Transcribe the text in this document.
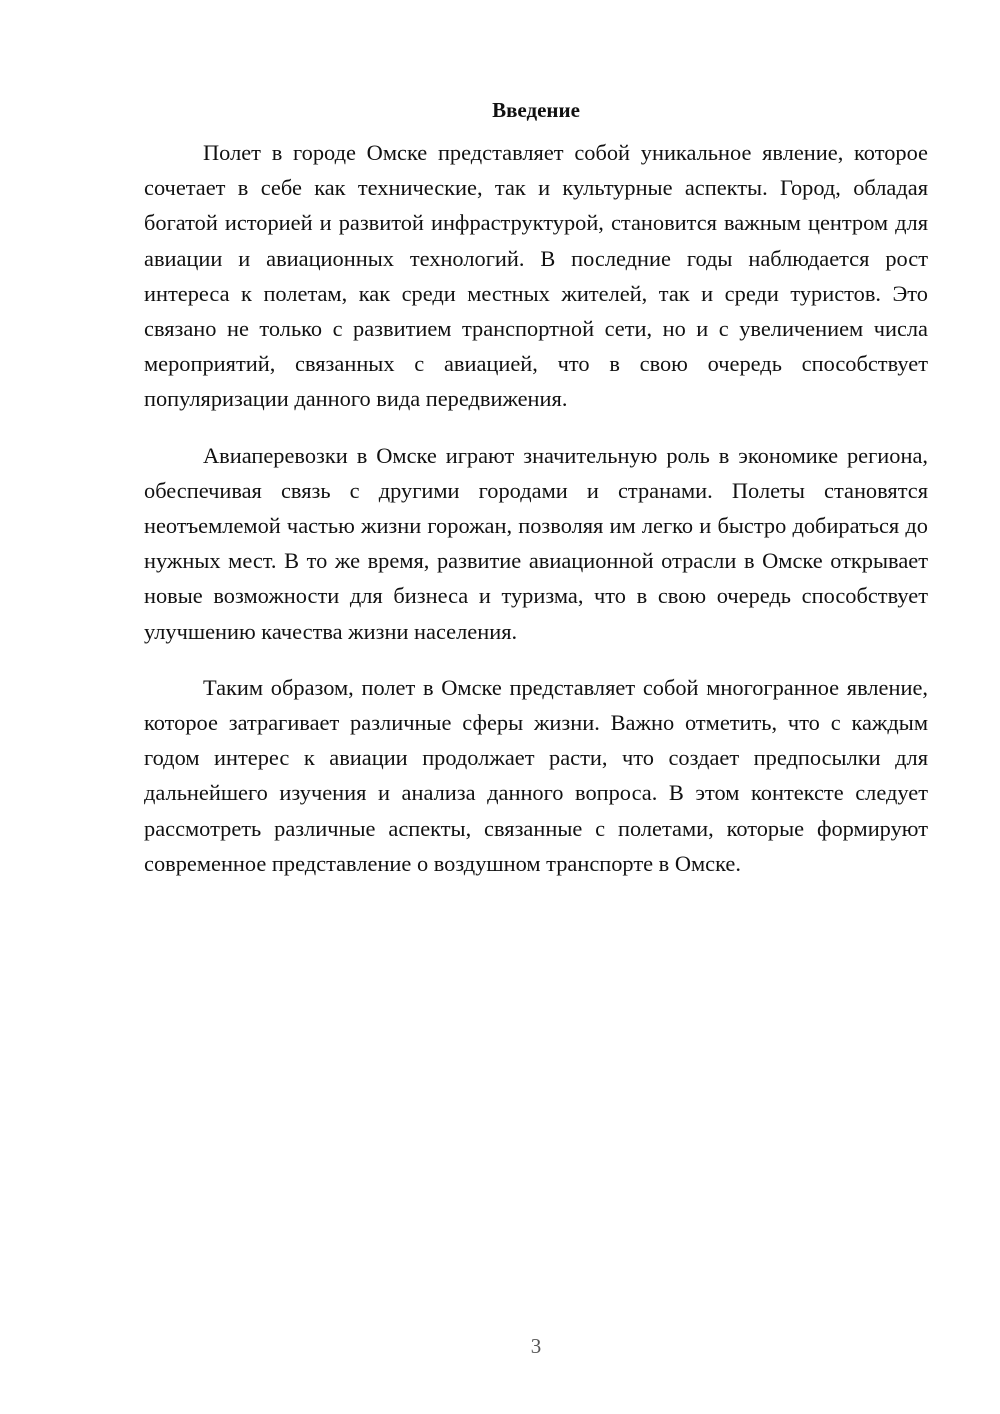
Введение

Полет в городе Омске представляет собой уникальное явление, которое сочетает в себе как технические, так и культурные аспекты. Город, обладая богатой историей и развитой инфраструктурой, становится важным центром для авиации и авиационных технологий. В последние годы наблюдается рост интереса к полетам, как среди местных жителей, так и среди туристов. Это связано не только с развитием транспортной сети, но и с увеличением числа мероприятий, связанных с авиацией, что в свою очередь способствует популяризации данного вида передвижения.

Авиаперевозки в Омске играют значительную роль в экономике региона, обеспечивая связь с другими городами и странами. Полеты становятся неотъемлемой частью жизни горожан, позволяя им легко и быстро добираться до нужных мест. В то же время, развитие авиационной отрасли в Омске открывает новые возможности для бизнеса и туризма, что в свою очередь способствует улучшению качества жизни населения.

Таким образом, полет в Омске представляет собой многогранное явление, которое затрагивает различные сферы жизни. Важно отметить, что с каждым годом интерес к авиации продолжает расти, что создает предпосылки для дальнейшего изучения и анализа данного вопроса. В этом контексте следует рассмотреть различные аспекты, связанные с полетами, которые формируют современное представление о воздушном транспорте в Омске.

3
